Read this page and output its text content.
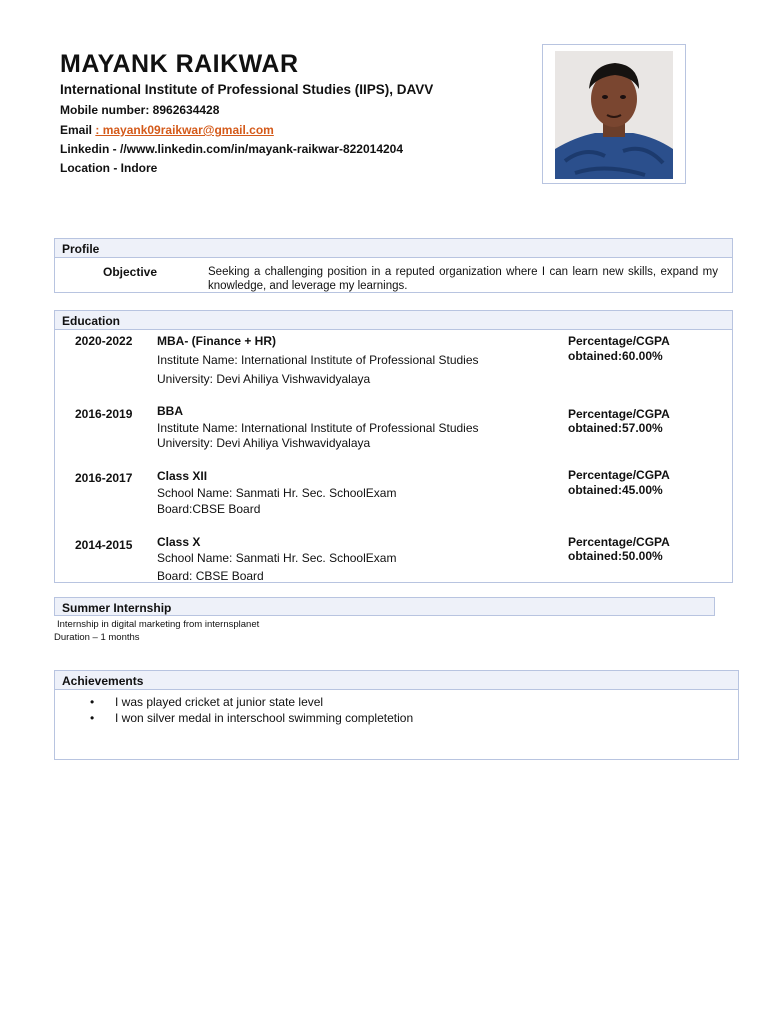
MAYANK RAIKWAR
International Institute of Professional Studies (IIPS), DAVV
Mobile number: 8962634428
Email : mayank09raikwar@gmail.com
Linkedin - //www.linkedin.com/in/mayank-raikwar-822014204
Location - Indore
Profile
Objective	Seeking a challenging position in a reputed organization where I can learn new skills, expand my knowledge, and leverage my learnings.
Education
2020-2022 MBA- (Finance + HR)
Institute Name: International Institute of Professional Studies
University: Devi Ahiliya Vishwavidyalaya
Percentage/CGPA
obtained:60.00%
2016-2019 BBA
Institute Name: International Institute of Professional Studies
University: Devi Ahiliya Vishwavidyalaya
Percentage/CGPA
obtained:57.00%
2016-2017 Class XII
School Name: Sanmati Hr. Sec. SchoolExam
Board:CBSE Board
Percentage/CGPA
obtained:45.00%
2014-2015 Class X
School Name: Sanmati Hr. Sec. SchoolExam
Board: CBSE Board
Percentage/CGPA
obtained:50.00%
Summer Internship
Internship in digital marketing from internsplanet
Duration – 1 months
Achievements
• I was played cricket at junior state level
• I won silver medal in interschool swimming completetion
